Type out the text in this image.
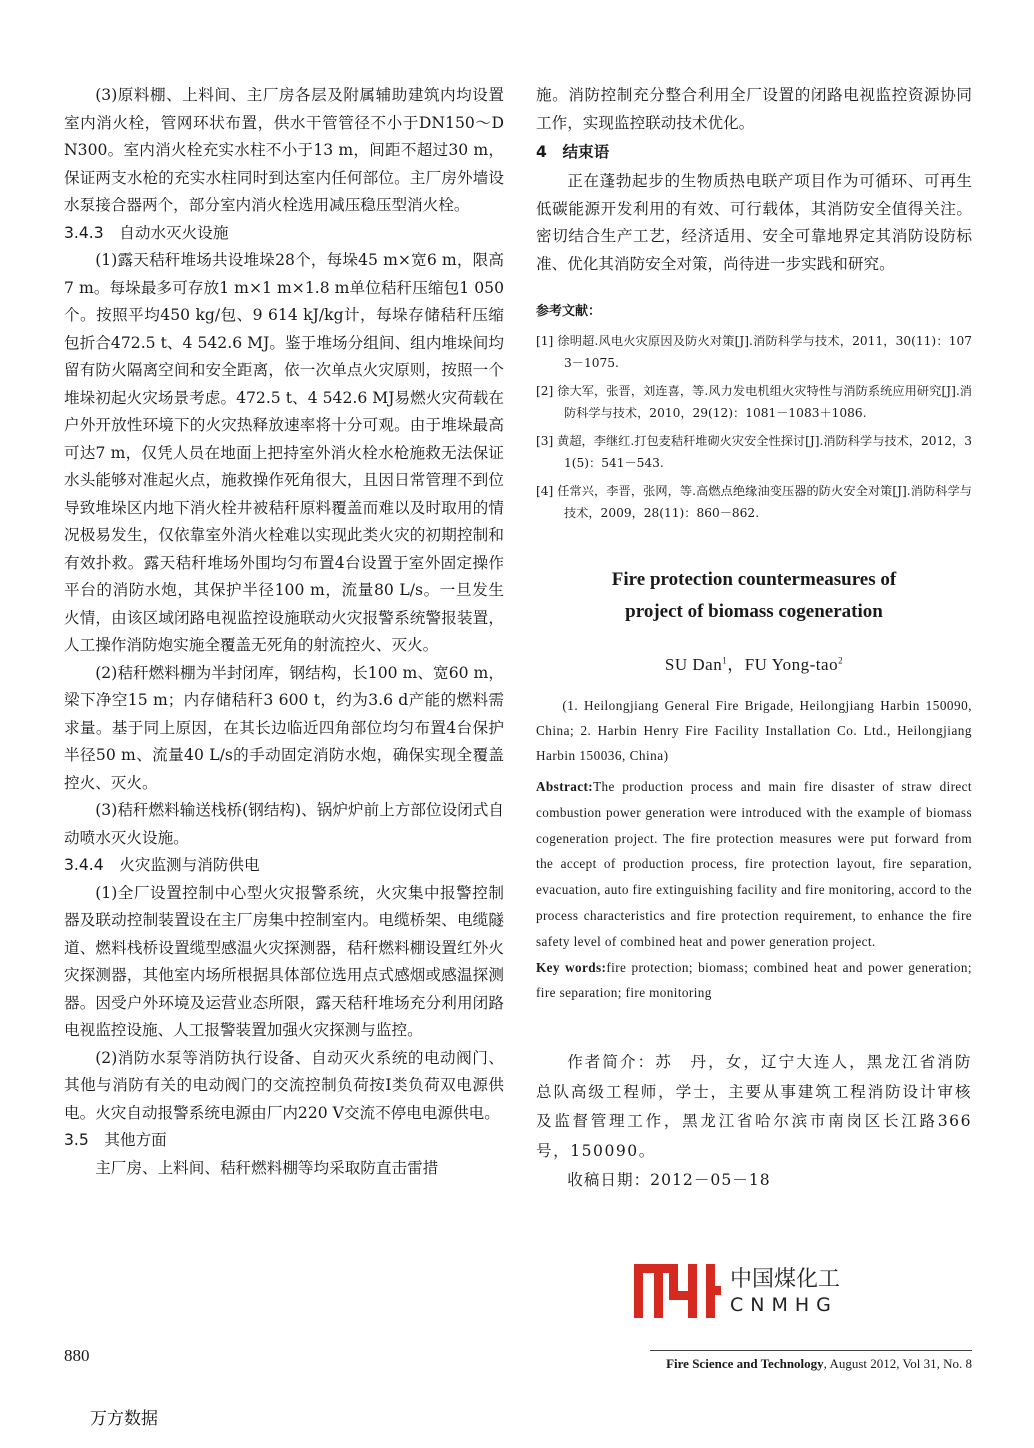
(3)原料棚、上料间、主厂房各层及附属辅助建筑内均设置室内消火栓，管网环状布置，供水干管管径不小于DN150～DN300。室内消火栓充实水柱不小于13 m，间距不超过30 m，保证两支水枪的充实水柱同时到达室内任何部位。主厂房外墙设水泵接合器两个，部分室内消火栓选用减压稳压型消火栓。

3.4.3　自动水灭火设施

(1)露天秸秆堆场共设堆垛28个，每垛45 m×宽6 m，限高7 m。每垛最多可存放1 m×1 m×1.8 m单位秸秆压缩包1 050个。按照平均450 kg/包、9 614 kJ/kg计，每垛存储秸秆压缩包折合472.5 t、4 542.6 MJ。鉴于堆场分组间、组内堆垛间均留有防火隔离空间和安全距离，依一次单点火灾原则，按照一个堆垛初起火灾场景考虑。472.5 t、4 542.6 MJ易燃火灾荷载在户外开放性环境下的火灾热释放速率将十分可观。由于堆垛最高可达7 m，仅凭人员在地面上把持室外消火栓水枪施救无法保证水头能够对准起火点，施救操作死角很大，且因日常管理不到位导致堆垛区内地下消火栓井被秸秆原料覆盖而难以及时取用的情况极易发生，仅依靠室外消火栓难以实现此类火灾的初期控制和有效扑救。露天秸秆堆场外围均匀布置4台设置于室外固定操作平台的消防水炮，其保护半径100 m，流量80 L/s。一旦发生火情，由该区域闭路电视监控设施联动火灾报警系统警报装置，人工操作消防炮实施全覆盖无死角的射流控火、灭火。

(2)秸秆燃料棚为半封闭库，钢结构，长100 m、宽60 m，梁下净空15 m；内存储秸秆3 600 t，约为3.6 d产能的燃料需求量。基于同上原因，在其长边临近四角部位均匀布置4台保护半径50 m、流量40 L/s的手动固定消防水炮，确保实现全覆盖控火、灭火。

(3)秸秆燃料输送栈桥(钢结构)、锅炉炉前上方部位设闭式自动喷水灭火设施。

3.4.4　火灾监测与消防供电

(1)全厂设置控制中心型火灾报警系统，火灾集中报警控制器及联动控制装置设在主厂房集中控制室内。电缆桥架、电缆隧道、燃料栈桥设置缆型感温火灾探测器，秸秆燃料棚设置红外火灾探测器，其他室内场所根据具体部位选用点式感烟或感温探测器。因受户外环境及运营业态所限，露天秸秆堆场充分利用闭路电视监控设施、人工报警装置加强火灾探测与监控。

(2)消防水泵等消防执行设备、自动灭火系统的电动阀门、其他与消防有关的电动阀门的交流控制负荷按I类负荷双电源供电。火灾自动报警系统电源由厂内220 V交流不停电电源供电。

3.5　其他方面

主厂房、上料间、秸秆燃料棚等均采取防直击雷措

施。消防控制充分整合利用全厂设置的闭路电视监控资源协同工作，实现监控联动技术优化。

4　结束语

正在蓬勃起步的生物质热电联产项目作为可循环、可再生低碳能源开发利用的有效、可行载体，其消防安全值得关注。密切结合生产工艺，经济适用、安全可靠地界定其消防设防标准、优化其消防安全对策，尚待进一步实践和研究。

参考文献：

[1] 徐明超.风电火灾原因及防火对策[J].消防科学与技术，2011，30(11)：1073－1075.

[2] 徐大军，张晋，刘连喜，等.风力发电机组火灾特性与消防系统应用研究[J].消防科学与技术，2010，29(12)：1081－1083＋1086.

[3] 黄超，李继红.打包麦秸秆堆砌火灾安全性探讨[J].消防科学与技术，2012，31(5)：541－543.

[4] 任常兴，李晋，张网，等.高燃点绝缘油变压器的防火安全对策[J].消防科学与技术，2009，28(11)：860－862.

Fire protection countermeasures of
project of biomass cogeneration
SU Dan$^1$，FU Yong-tao$^2$

(1. Heilongjiang General Fire Brigade, Heilongjiang Harbin 150090, China; 2. Harbin Henry Fire Facility Installation Co. Ltd., Heilongjiang Harbin 150036, China)

Abstract:The production process and main fire disaster of straw direct combustion power generation were introduced with the example of biomass cogeneration project. The fire protection measures were put forward from the accept of production process, fire protection layout, fire separation, evacuation, auto fire extinguishing facility and fire monitoring, accord to the process characteristics and fire protection requirement, to enhance the fire safety level of combined heat and power generation project.

Key words:fire protection; biomass; combined heat and power generation; fire separation; fire monitoring

作者简介：苏　丹，女，辽宁大连人，黑龙江省消防总队高级工程师，学士，主要从事建筑工程消防设计审核及监督管理工作，黑龙江省哈尔滨市南岗区长江路366号，150090。

收稿日期：2012－05－18

中国煤化工
CNMHG
880	Fire Science and Technology, August 2012, Vol 31, No. 8
万方数据
